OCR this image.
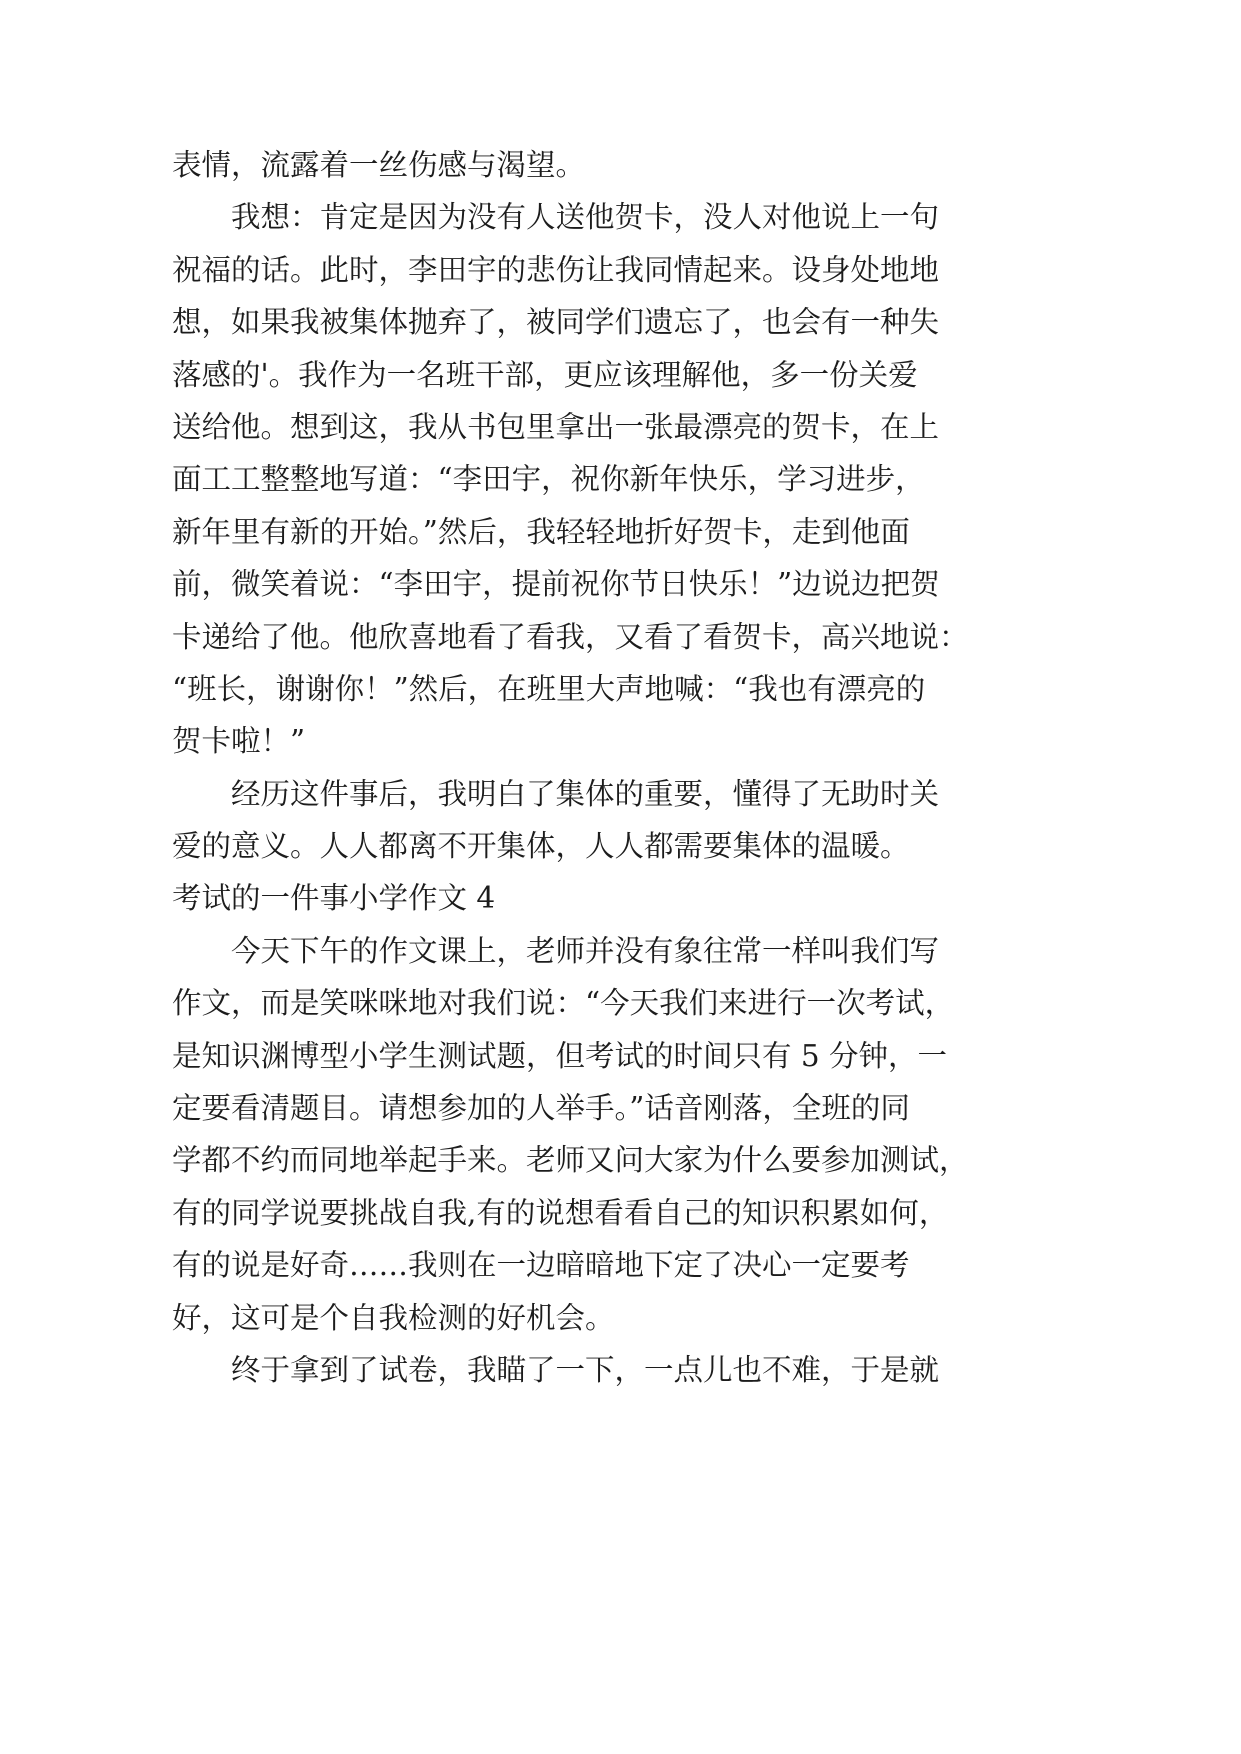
表情，流露着一丝伤感与渴望。
我想：肯定是因为没有人送他贺卡，没人对他说上一句
祝福的话。此时，李田宇的悲伤让我同情起来。设身处地地
想，如果我被集体抛弃了，被同学们遗忘了，也会有一种失
落感的'。我作为一名班干部，更应该理解他，多一份关爱
送给他。想到这，我从书包里拿出一张最漂亮的贺卡，在上
面工工整整地写道：“李田宇，祝你新年快乐，学习进步，
新年里有新的开始。”然后，我轻轻地折好贺卡，走到他面
前，微笑着说：“李田宇，提前祝你节日快乐！”边说边把贺
卡递给了他。他欣喜地看了看我，又看了看贺卡，高兴地说：
“班长，谢谢你！”然后，在班里大声地喊：“我也有漂亮的
贺卡啦！”
经历这件事后，我明白了集体的重要，懂得了无助时关
爱的意义。人人都离不开集体，人人都需要集体的温暖。
考试的一件事小学作文 4
今天下午的作文课上，老师并没有象往常一样叫我们写
作文，而是笑咪咪地对我们说：“今天我们来进行一次考试，
是知识渊博型小学生测试题，但考试的时间只有 5 分钟，一
定要看清题目。请想参加的人举手。”话音刚落，全班的同
学都不约而同地举起手来。老师又问大家为什么要参加测试，
有的同学说要挑战自我,有的说想看看自己的知识积累如何，
有的说是好奇……我则在一边暗暗地下定了决心一定要考
好，这可是个自我检测的好机会。
终于拿到了试卷，我瞄了一下，一点儿也不难，于是就
